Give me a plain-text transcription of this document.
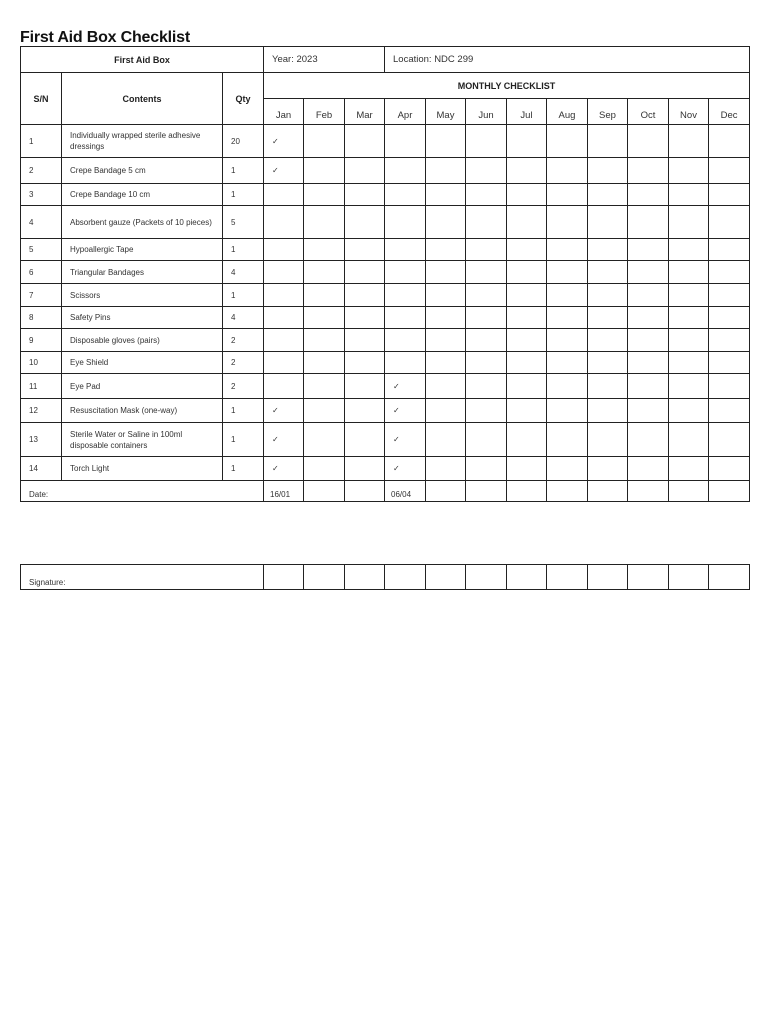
First Aid Box Checklist
First Aid Box			Year: 2023			Location: NDC 299								
S/N	Contents	Qty	MONTHLY CHECKLIST											
			Jan	Feb	Mar	Apr	May	Jun	Jul	Aug	Sep	Oct	Nov	Dec
1	Individually wrapped sterile adhesive dressings	20	✓											
2	Crepe Bandage 5 cm	1	✓											
3	Crepe Bandage 10 cm	1												
4	Absorbent gauze (Packets of 10 pieces)	5												
5	Hypoallergic Tape	1												
6	Triangular Bandages	4												
7	Scissors	1												
8	Safety Pins	4												
9	Disposable gloves (pairs)	2												
10	Eye Shield	2												
11	Eye Pad	2				✓								
12	Resuscitation Mask (one-way)	1	✓			✓								
13	Sterile Water or Saline in 100ml disposable containers	1	✓			✓								
14	Torch Light	1	✓			✓								
Date:			16/01			06/04								
Signature:												
